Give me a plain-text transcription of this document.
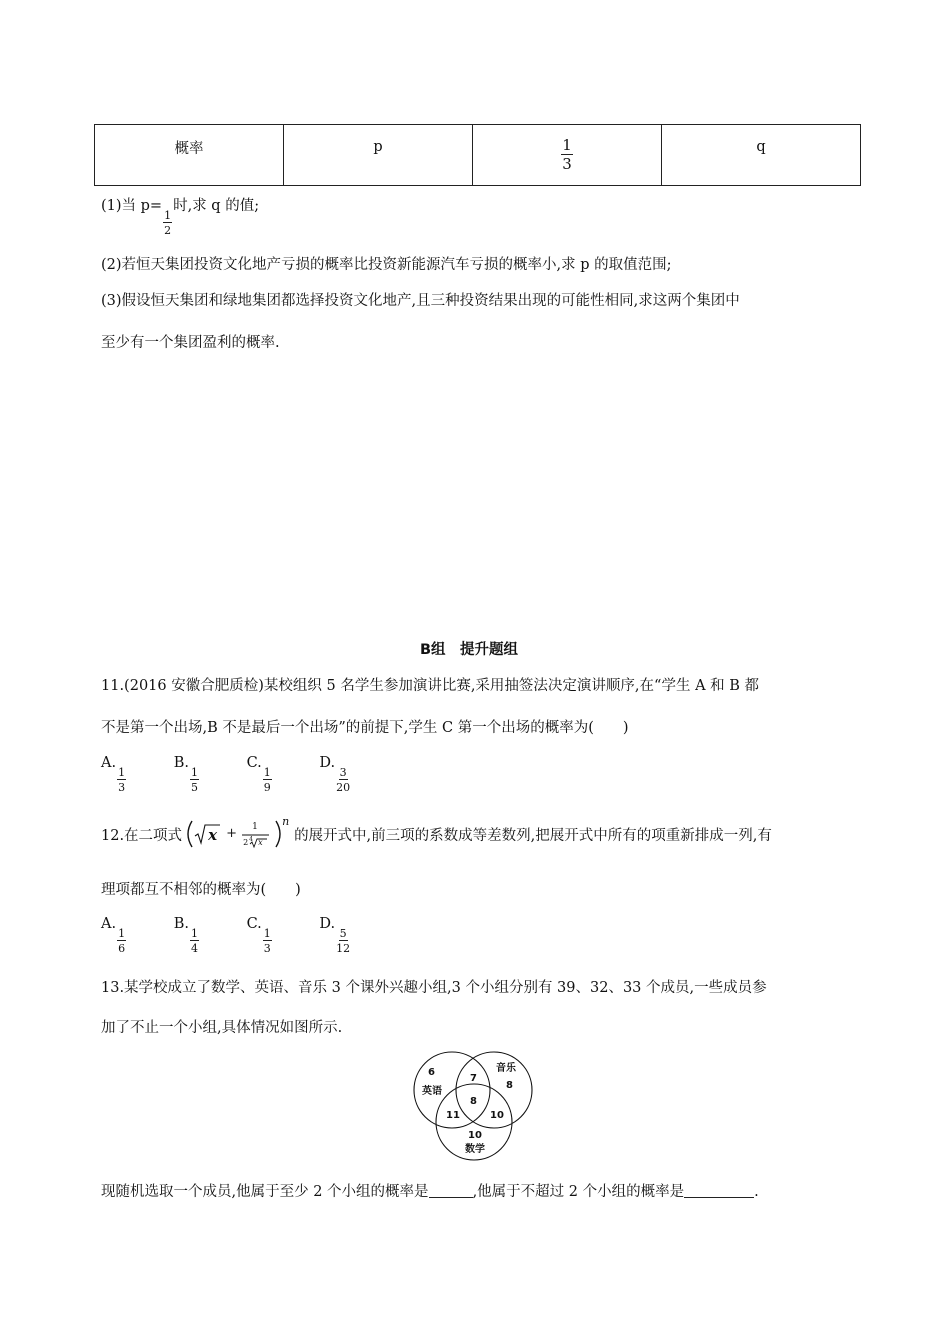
概率	p	$\frac{1}{3}$	q
(1)当 p=
$\frac{1}{2}$
时,求 q 的值;
(2)若恒天集团投资文化地产亏损的概率比投资新能源汽车亏损的概率小,求 p 的取值范围;
(3)假设恒天集团和绿地集团都选择投资文化地产,且三种投资结果出现的可能性相同,求这两个集团中
至少有一个集团盈利的概率.
B组　提升题组
11.(2016 安徽合肥质检)某校组织 5 名学生参加演讲比赛,采用抽签法决定演讲顺序,在“学生 A 和 B 都
不是第一个出场,B 不是最后一个出场”的前提下,学生 C 第一个出场的概率为(　　)
A.
$\frac{1}{3}$
B.
$\frac{1}{5}$
C.
$\frac{1}{9}$
D.
$\frac{3}{20}$
12.在二项式 x + 1
2 4 x
n
的展开式中,前三项的系数成等差数列,把展开式中所有的项重新排成一列,有
理项都互不相邻的概率为(　　)
A.
$\frac{1}{6}$
B.
$\frac{1}{4}$
C.
$\frac{1}{3}$
D.
$\frac{5}{12}$
13.某学校成立了数学、英语、音乐 3 个课外兴趣小组,3 个小组分别有 39、32、33 个成员,一些成员参
加了不止一个小组,具体情况如图所示.
6
英语
音乐
8
7
8
11	10
10
数学
现随机选取一个成员,他属于至少 2 个小组的概率是	,他属于不超过 2 个小组的概率是	.
